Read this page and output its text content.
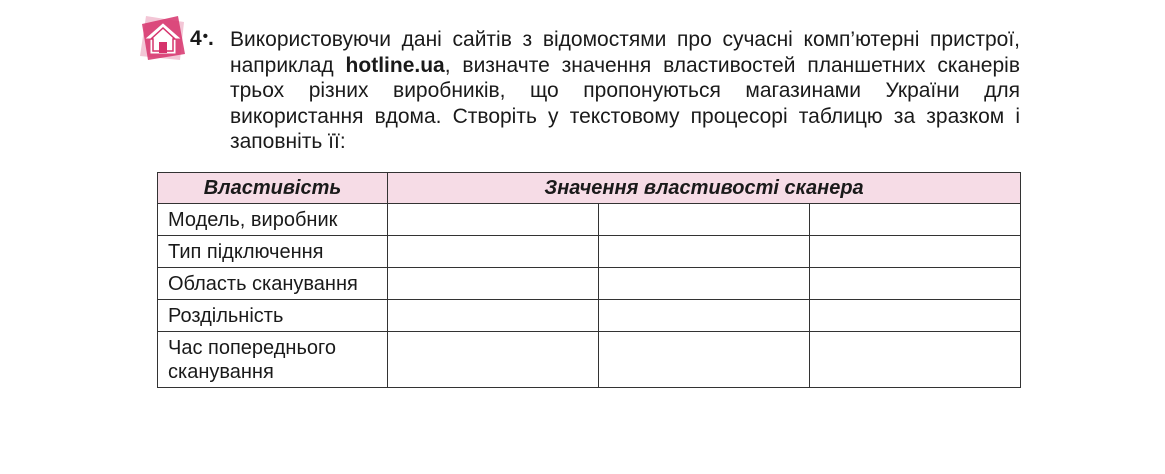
4•. Використовуючи дані сайтів з відомостями про сучасні комп’ютерні пристрої, наприклад hotline.ua, визначте значення властивостей планшетних сканерів трьох різних виробників, що пропонуються магазинами України для використання вдома. Створіть у текстовому процесорі таблицю за зразком і заповніть її:
Властивість	Значення властивості сканера		
Модель, виробник			
Тип підключення			
Область сканування			
Роздільність			
Час попереднього сканування			
